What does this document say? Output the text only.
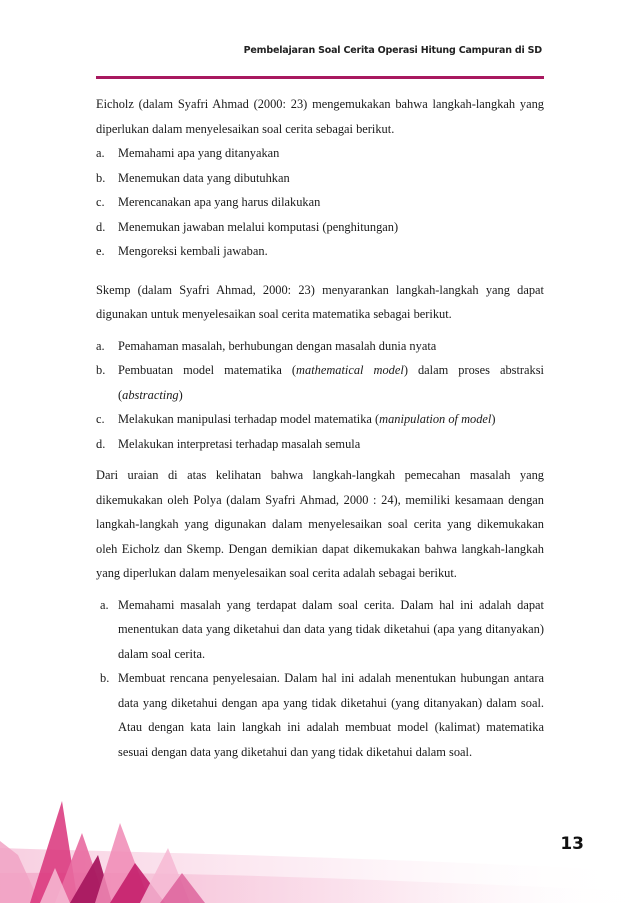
Pembelajaran Soal Cerita Operasi Hitung Campuran di SD

Eicholz (dalam Syafri Ahmad (2000: 23) mengemukakan bahwa langkah-langkah yang diperlukan dalam menyelesaikan soal cerita sebagai berikut.

a.	Memahami apa yang ditanyakan
b.	Menemukan data yang dibutuhkan
c.	Merencanakan apa yang harus dilakukan
d.	Menemukan jawaban melalui komputasi (penghitungan)
e.	Mengoreksi kembali jawaban.

Skemp (dalam Syafri Ahmad, 2000: 23) menyarankan langkah-langkah yang dapat digunakan untuk menyelesaikan soal cerita matematika sebagai berikut.

a.	Pemahaman masalah, berhubungan dengan masalah dunia nyata
b.	Pembuatan model matematika (mathematical model) dalam proses abstraksi (abstracting)
c.	Melakukan manipulasi terhadap model matematika (manipulation of model)
d.	Melakukan interpretasi terhadap masalah semula

Dari uraian di atas kelihatan bahwa langkah-langkah pemecahan masalah yang dikemukakan oleh Polya (dalam Syafri Ahmad, 2000 : 24), memiliki kesamaan dengan langkah-langkah yang digunakan dalam menyelesaikan soal cerita yang dikemukakan oleh Eicholz dan Skemp. Dengan demikian dapat dikemukakan bahwa langkah-langkah yang diperlukan dalam menyelesaikan soal cerita adalah sebagai berikut.

a. Memahami masalah yang terdapat dalam soal cerita. Dalam hal ini adalah dapat menentukan data yang diketahui dan data yang tidak diketahui (apa yang ditanyakan) dalam soal cerita.
b. Membuat rencana penyelesaian. Dalam hal ini adalah menentukan hubungan antara data yang diketahui dengan apa yang tidak diketahui (yang ditanyakan) dalam soal. Atau dengan kata lain langkah ini adalah membuat model (kalimat) matematika sesuai dengan data yang diketahui dan yang tidak diketahui dalam soal.
13
